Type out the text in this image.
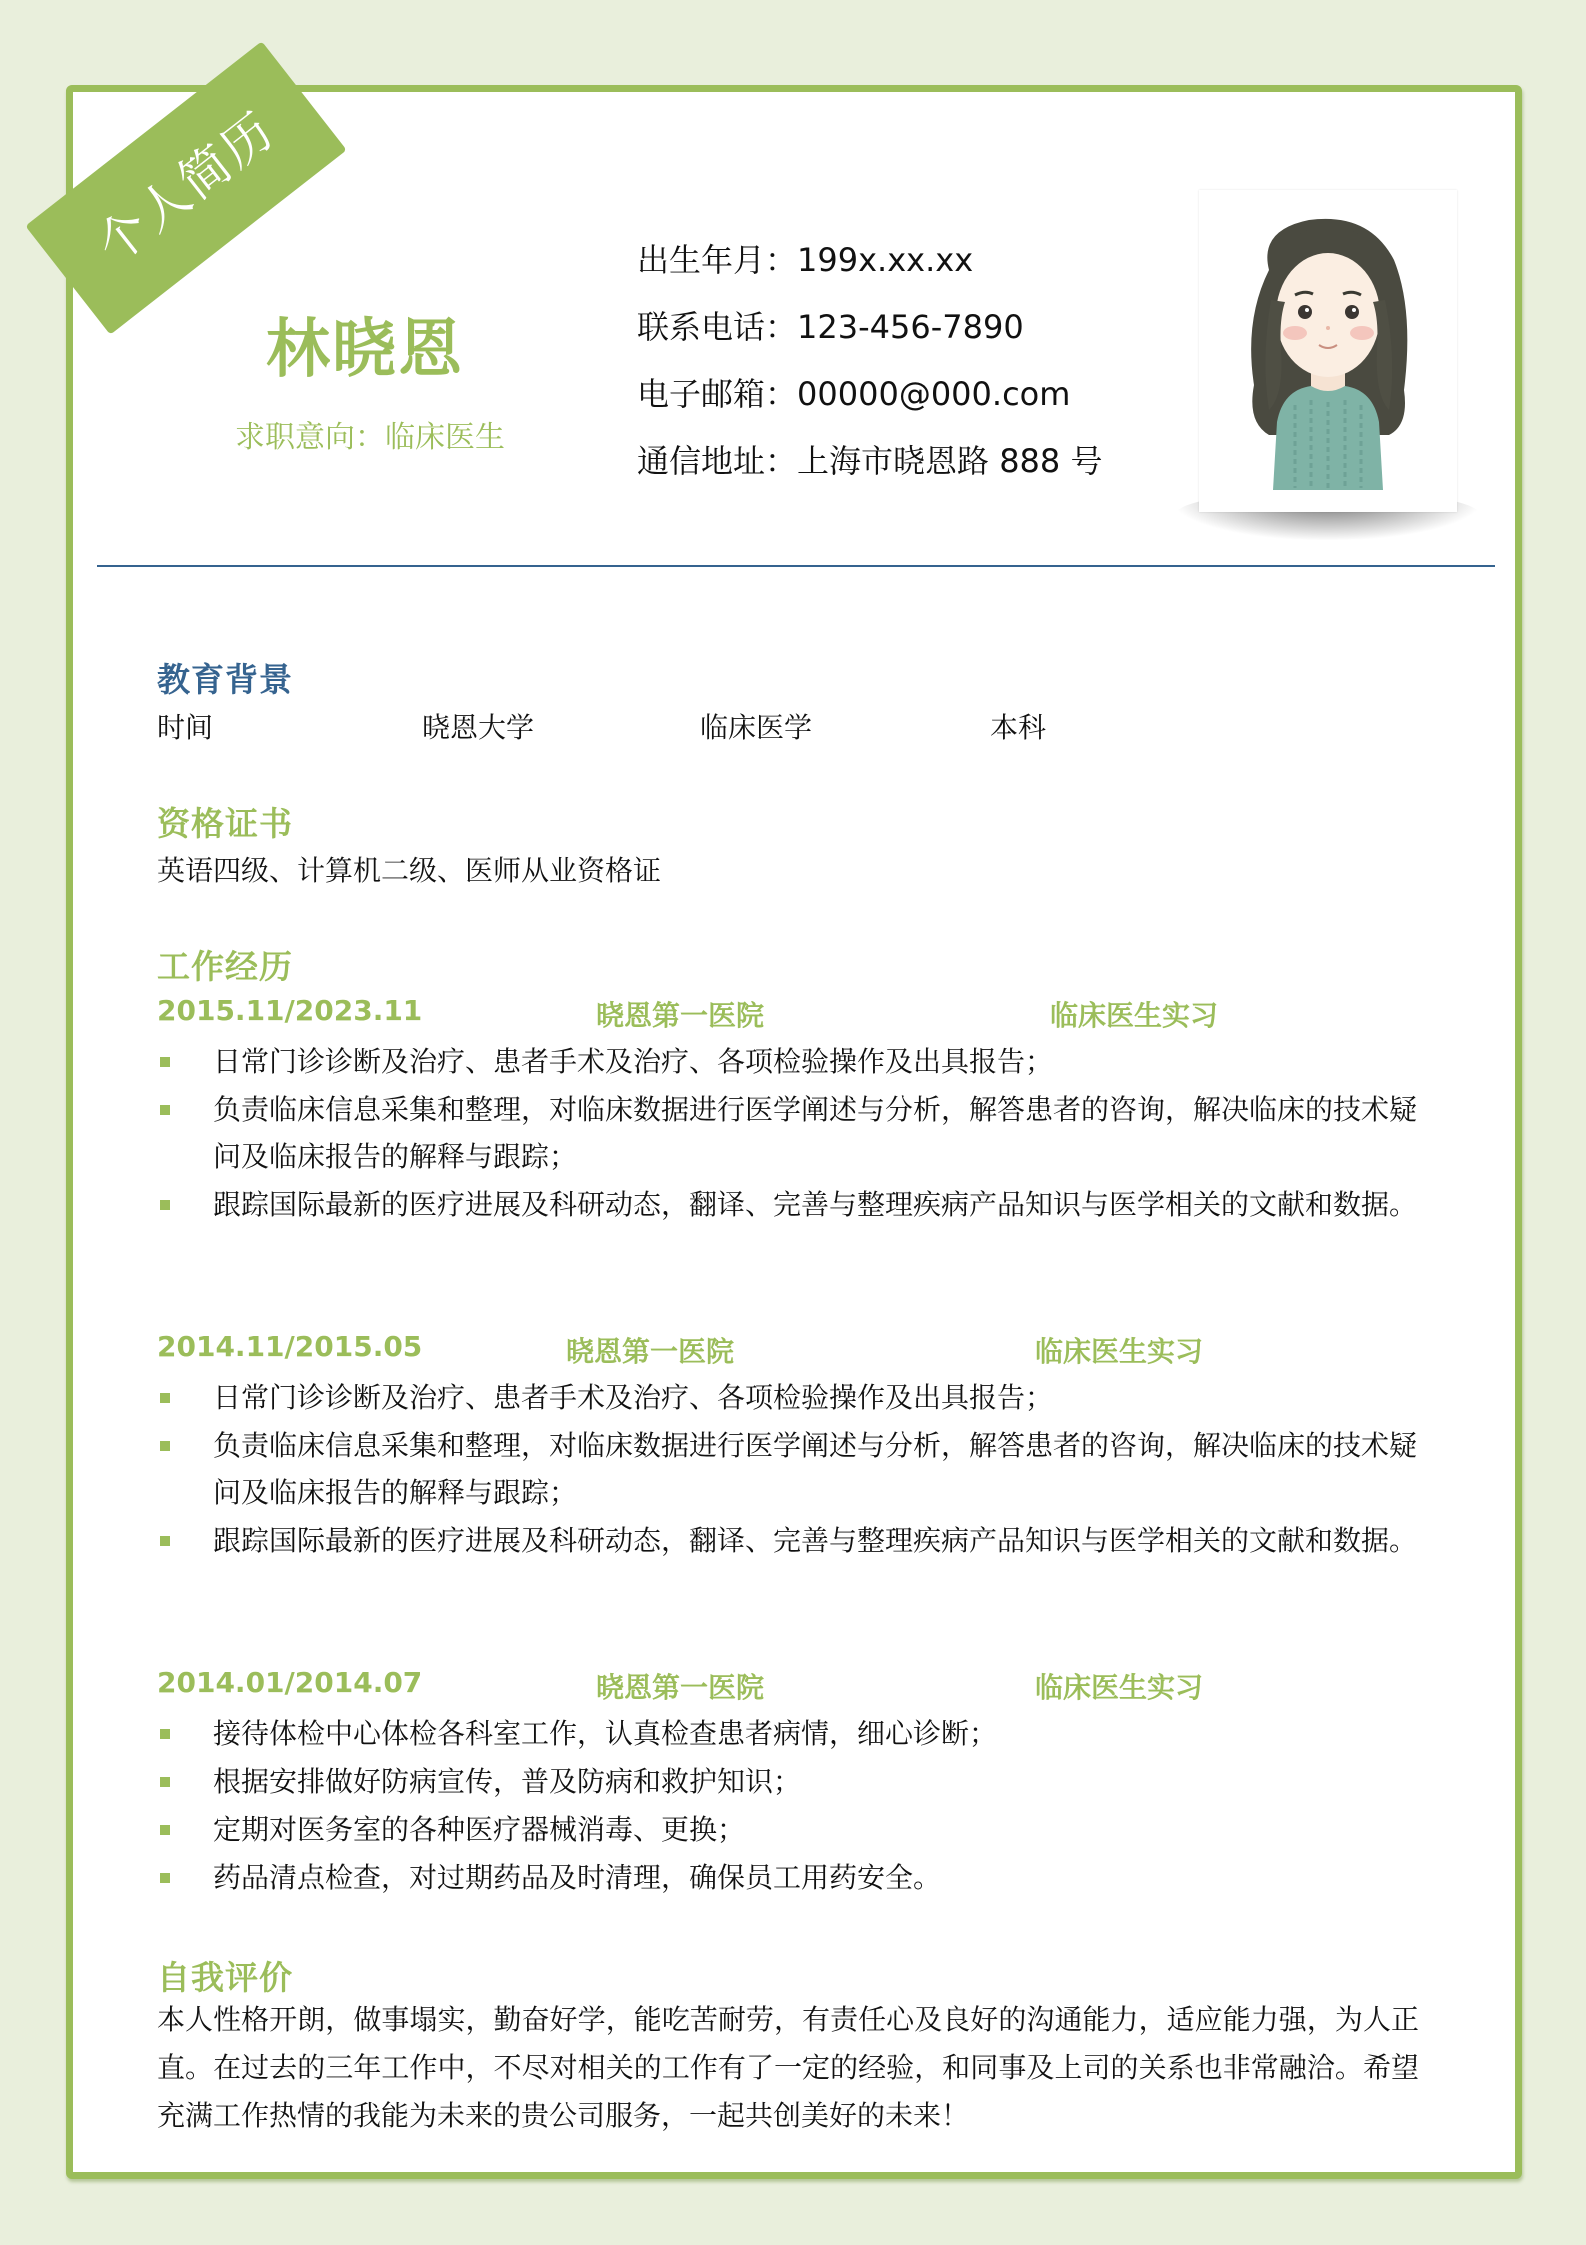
个人简历
林晓恩
求职意向：临床医生
出生年月：199x.xx.xx
联系电话：123-456-7890
电子邮箱：00000@000.com
通信地址：上海市晓恩路 888 号
教育背景
时间	晓恩大学	临床医学	本科
资格证书
英语四级、计算机二级、医师从业资格证
工作经历
2015.11/2023.11	晓恩第一医院	临床医生实习
日常门诊诊断及治疗、患者手术及治疗、各项检验操作及出具报告；
负责临床信息采集和整理，对临床数据进行医学阐述与分析，解答患者的咨询，解决临床的技术疑问及临床报告的解释与跟踪；
跟踪国际最新的医疗进展及科研动态，翻译、完善与整理疾病产品知识与医学相关的文献和数据。
2014.11/2015.05	晓恩第一医院	临床医生实习
日常门诊诊断及治疗、患者手术及治疗、各项检验操作及出具报告；
负责临床信息采集和整理，对临床数据进行医学阐述与分析，解答患者的咨询，解决临床的技术疑问及临床报告的解释与跟踪；
跟踪国际最新的医疗进展及科研动态，翻译、完善与整理疾病产品知识与医学相关的文献和数据。
2014.01/2014.07	晓恩第一医院	临床医生实习
接待体检中心体检各科室工作，认真检查患者病情，细心诊断；
根据安排做好防病宣传，普及防病和救护知识；
定期对医务室的各种医疗器械消毒、更换；
药品清点检查，对过期药品及时清理，确保员工用药安全。
自我评价
本人性格开朗，做事塌实，勤奋好学，能吃苦耐劳，有责任心及良好的沟通能力，适应能力强，为人正直。在过去的三年工作中，不尽对相关的工作有了一定的经验，和同事及上司的关系也非常融洽。希望充满工作热情的我能为未来的贵公司服务，一起共创美好的未来！
